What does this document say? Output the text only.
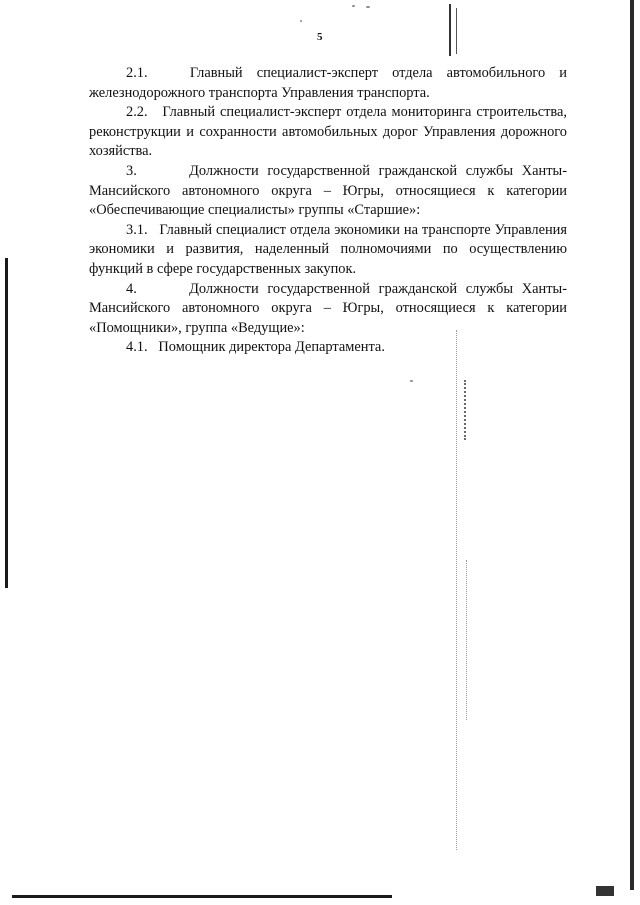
5

2.1.   Главный специалист-эксперт отдела автомобильного и железнодорожного транспорта Управления транспорта.

2.2.   Главный специалист-эксперт отдела мониторинга строительства, реконструкции и сохранности автомобильных дорог Управления дорожного хозяйства.

3.      Должности государственной гражданской службы Ханты-Мансийского автономного округа – Югры, относящиеся к категории «Обеспечивающие специалисты» группы «Старшие»:

3.1.   Главный специалист отдела экономики на транспорте Управления экономики и развития, наделенный полномочиями по осуществлению функций в сфере государственных закупок.

4.      Должности государственной гражданской службы Ханты-Мансийского автономного округа – Югры, относящиеся к категории «Помощники», группа «Ведущие»:

4.1.   Помощник директора Департамента.
